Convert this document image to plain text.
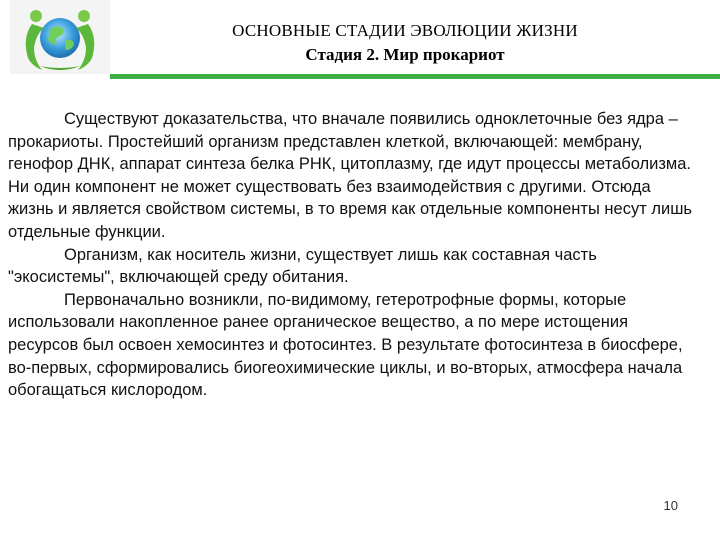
ОСНОВНЫЕ СТАДИИ ЭВОЛЮЦИИ ЖИЗНИ
Стадия 2. Мир прокариот

Существуют доказательства, что вначале появились одноклеточные без ядра – прокариоты. Простейший организм представлен клеткой, включающей: мембрану, генофор ДНК, аппарат синтеза белка РНК, цитоплазму, где идут процессы метаболизма. Ни один компонент не может существовать без взаимодействия с другими. Отсюда жизнь и является свойством системы, в то время как отдельные компоненты несут лишь отдельные функции.

Организм, как носитель жизни, существует лишь как составная часть "экосистемы", включающей среду обитания.

Первоначально возникли, по-видимому, гетеротрофные формы, которые использовали накопленное ранее органическое вещество, а по мере истощения ресурсов был освоен хемосинтез и фотосинтез. В результате фотосинтеза в биосфере, во-первых, сформировались биогеохимические циклы, и во-вторых, атмосфера начала обогащаться кислородом.

10
